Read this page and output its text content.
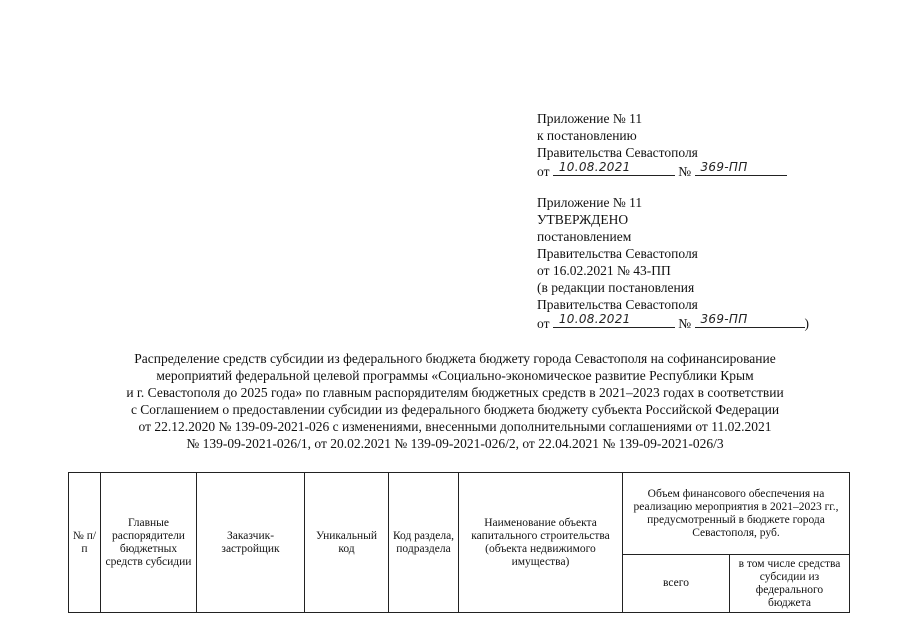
Приложение № 11
к постановлению
Правительства Севастополя
от 10.08.2021	№ 369-ПП
Приложение № 11
УТВЕРЖДЕНО
постановлением
Правительства Севастополя
от 16.02.2021 № 43-ПП
(в редакции постановления
Правительства Севастополя
от 10.08.2021	№ 369-ПП	)
Распределение средств субсидии из федерального бюджета бюджету города Севастополя на софинансирование
мероприятий федеральной целевой программы «Социально-экономическое развитие Республики Крым
и г. Севастополя до 2025 года» по главным распорядителям бюджетных средств в 2021–2023 годах в соответствии
с Соглашением о предоставлении субсидии из федерального бюджета бюджету субъекта Российской Федерации
от 22.12.2020 № 139-09-2021-026 с изменениями, внесенными дополнительными соглашениями от 11.02.2021
№ 139-09-2021-026/1, от 20.02.2021 № 139-09-2021-026/2, от 22.04.2021 № 139-09-2021-026/3
№ п/п	Главные распорядители бюджетных средств субсидии	Заказчик-застройщик	Уникальный код	Код раздела, подраздела	Наименование объекта капитального строительства (объекта недвижимого имущества)	Объем финансового обеспечения на реализацию мероприятия в 2021–2023 гг., предусмотренный в бюджете города Севастополя, руб.	
						всего	в том числе средства субсидии из федерального бюджета
